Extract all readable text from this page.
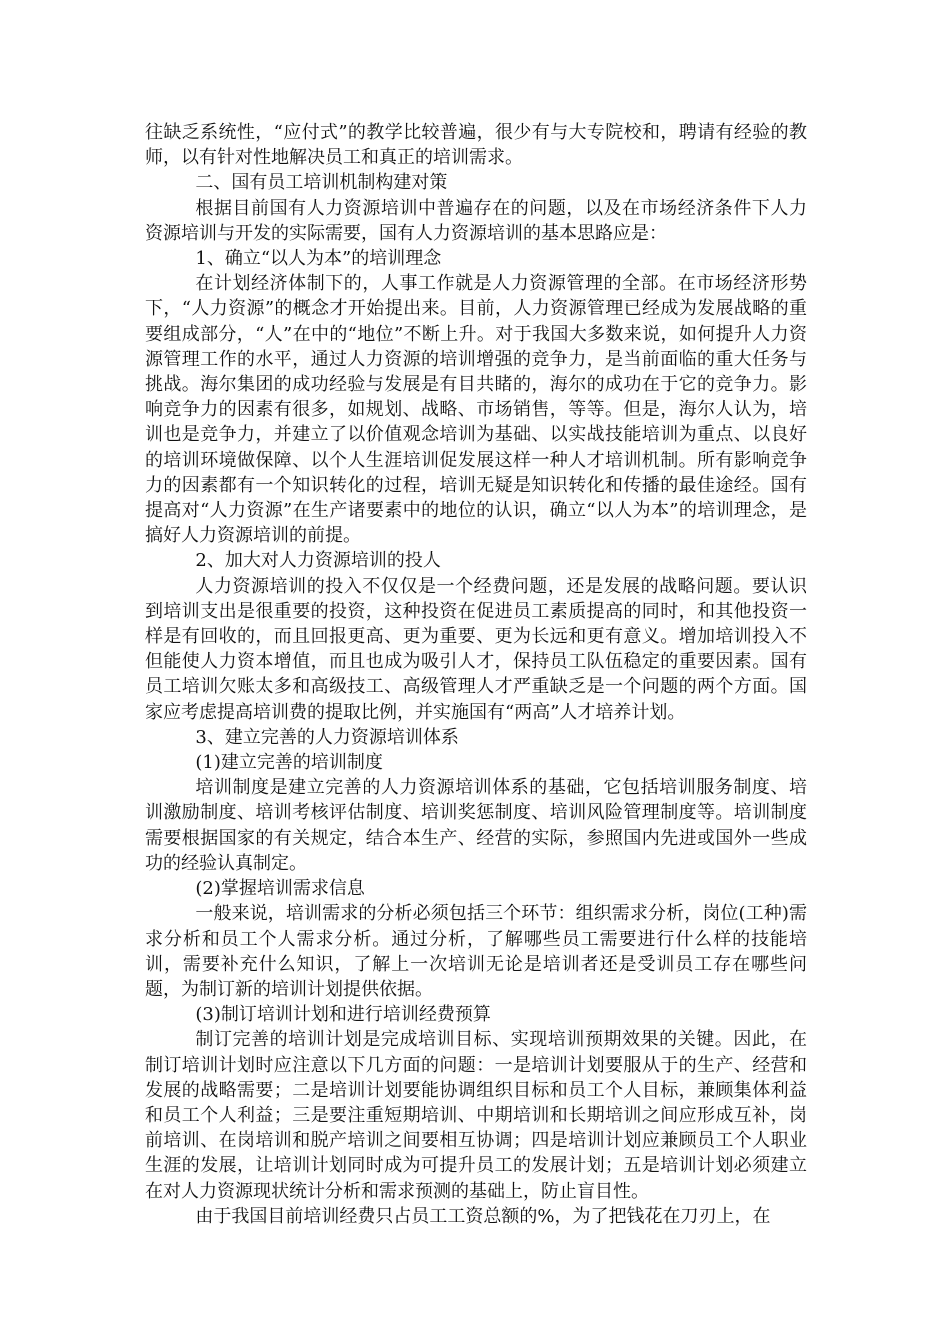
往缺乏系统性，“应付式”的教学比较普遍，很少有与大专院校和，聘请有经验的教师，以有针对性地解决员工和真正的培训需求。

二、国有员工培训机制构建对策

根据目前国有人力资源培训中普遍存在的问题，以及在市场经济条件下人力资源培训与开发的实际需要，国有人力资源培训的基本思路应是：

1、确立“以人为本”的培训理念

在计划经济体制下的，人事工作就是人力资源管理的全部。在市场经济形势下，“人力资源”的概念才开始提出来。目前，人力资源管理已经成为发展战略的重要组成部分，“人”在中的“地位”不断上升。对于我国大多数来说，如何提升人力资源管理工作的水平，通过人力资源的培训增强的竞争力，是当前面临的重大任务与挑战。海尔集团的成功经验与发展是有目共睹的，海尔的成功在于它的竞争力。影响竞争力的因素有很多，如规划、战略、市场销售，等等。但是，海尔人认为，培训也是竞争力，并建立了以价值观念培训为基础、以实战技能培训为重点、以良好的培训环境做保障、以个人生涯培训促发展这样一种人才培训机制。所有影响竞争力的因素都有一个知识转化的过程，培训无疑是知识转化和传播的最佳途经。国有提高对“人力资源”在生产诸要素中的地位的认识，确立“以人为本”的培训理念，是搞好人力资源培训的前提。

2、加大对人力资源培训的投人

人力资源培训的投入不仅仅是一个经费问题，还是发展的战略问题。要认识到培训支出是很重要的投资，这种投资在促进员工素质提高的同时，和其他投资一样是有回收的，而且回报更高、更为重要、更为长远和更有意义。增加培训投入不但能使人力资本增值，而且也成为吸引人才，保持员工队伍稳定的重要因素。国有员工培训欠账太多和高级技工、高级管理人才严重缺乏是一个问题的两个方面。国家应考虑提高培训费的提取比例，并实施国有“两高”人才培养计划。

3、建立完善的人力资源培训体系

(1)建立完善的培训制度

培训制度是建立完善的人力资源培训体系的基础，它包括培训服务制度、培训激励制度、培训考核评估制度、培训奖惩制度、培训风险管理制度等。培训制度需要根据国家的有关规定，结合本生产、经营的实际，参照国内先进或国外一些成功的经验认真制定。

(2)掌握培训需求信息

一般来说，培训需求的分析必须包括三个环节：组织需求分析，岗位(工种)需求分析和员工个人需求分析。通过分析，了解哪些员工需要进行什么样的技能培训，需要补充什么知识，了解上一次培训无论是培训者还是受训员工存在哪些问题，为制订新的培训计划提供依据。

(3)制订培训计划和进行培训经费预算

制订完善的培训计划是完成培训目标、实现培训预期效果的关键。因此，在制订培训计划时应注意以下几方面的问题：一是培训计划要服从于的生产、经营和发展的战略需要；二是培训计划要能协调组织目标和员工个人目标，兼顾集体利益和员工个人利益；三是要注重短期培训、中期培训和长期培训之间应形成互补，岗前培训、在岗培训和脱产培训之间要相互协调；四是培训计划应兼顾员工个人职业生涯的发展，让培训计划同时成为可提升员工的发展计划；五是培训计划必须建立在对人力资源现状统计分析和需求预测的基础上，防止盲目性。

由于我国目前培训经费只占员工工资总额的%，为了把钱花在刀刃上，在
